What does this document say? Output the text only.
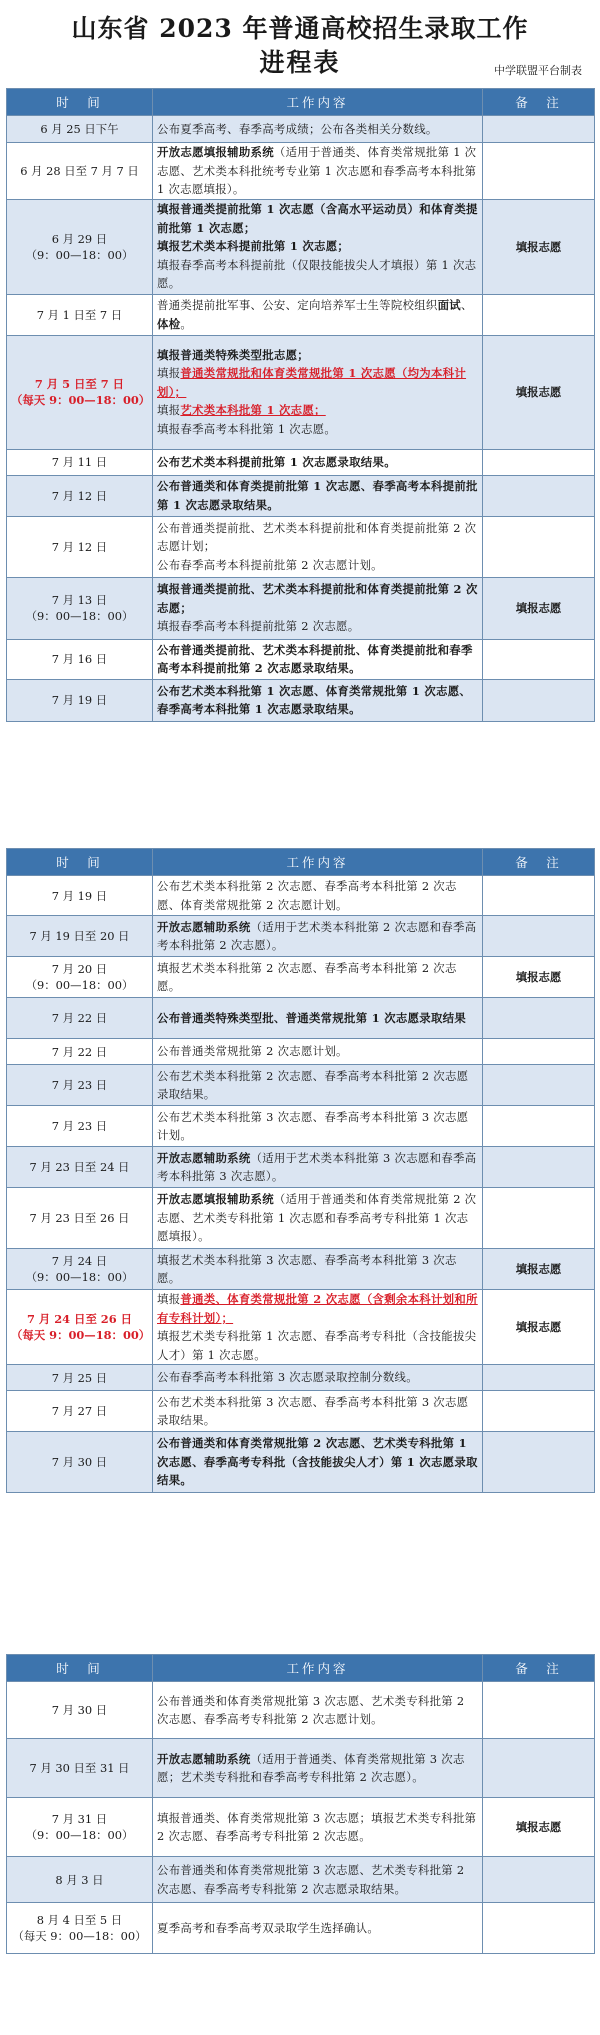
山东省 2023 年普通高校招生录取工作
进程表	中学联盟平台制表
时　间	工作内容	备　注
6 月 25 日下午	公布夏季高考、春季高考成绩；公布各类相关分数线。	
6 月 28 日至 7 月 7 日	开放志愿填报辅助系统（适用于普通类、体育类常规批第 1 次志愿、艺术类本科批统考专业第 1 次志愿和春季高考本科批第 1 次志愿填报）。	
6 月 29 日
（9：00—18：00）	填报普通类提前批第 1 次志愿（含高水平运动员）和体育类提前批第 1 次志愿；
填报艺术类本科提前批第 1 次志愿；
填报春季高考本科提前批（仅限技能拔尖人才填报）第 1 次志愿。	填报志愿
7 月 1 日至 7 日	普通类提前批军事、公安、定向培养军士生等院校组织面试、体检。	
7 月 5 日至 7 日
（每天 9：00—18：00）	填报普通类特殊类型批志愿；
填报普通类常规批和体育类常规批第 1 次志愿（均为本科计划）；
填报艺术类本科批第 1 次志愿；
填报春季高考本科批第 1 次志愿。	填报志愿
7 月 11 日	公布艺术类本科提前批第 1 次志愿录取结果。	
7 月 12 日	公布普通类和体育类提前批第 1 次志愿、春季高考本科提前批第 1 次志愿录取结果。	
7 月 12 日	公布普通类提前批、艺术类本科提前批和体育类提前批第 2 次志愿计划；
公布春季高考本科提前批第 2 次志愿计划。	
7 月 13 日
（9：00—18：00）	填报普通类提前批、艺术类本科提前批和体育类提前批第 2 次志愿；
填报春季高考本科提前批第 2 次志愿。	填报志愿
7 月 16 日	公布普通类提前批、艺术类本科提前批、体育类提前批和春季高考本科提前批第 2 次志愿录取结果。	
7 月 19 日	公布艺术类本科批第 1 次志愿、体育类常规批第 1 次志愿、春季高考本科批第 1 次志愿录取结果。	
时　间	工作内容	备　注
7 月 19 日	公布艺术类本科批第 2 次志愿、春季高考本科批第 2 次志愿、体育类常规批第 2 次志愿计划。	
7 月 19 日至 20 日	开放志愿辅助系统（适用于艺术类本科批第 2 次志愿和春季高考本科批第 2 次志愿）。	
7 月 20 日
（9：00—18：00）	填报艺术类本科批第 2 次志愿、春季高考本科批第 2 次志愿。	填报志愿
7 月 22 日	公布普通类特殊类型批、普通类常规批第 1 次志愿录取结果	
7 月 22 日	公布普通类常规批第 2 次志愿计划。	
7 月 23 日	公布艺术类本科批第 2 次志愿、春季高考本科批第 2 次志愿录取结果。	
7 月 23 日	公布艺术类本科批第 3 次志愿、春季高考本科批第 3 次志愿计划。	
7 月 23 日至 24 日	开放志愿辅助系统（适用于艺术类本科批第 3 次志愿和春季高考本科批第 3 次志愿）。	
7 月 23 日至 26 日	开放志愿填报辅助系统（适用于普通类和体育类常规批第 2 次志愿、艺术类专科批第 1 次志愿和春季高考专科批第 1 次志愿填报）。	
7 月 24 日
（9：00—18：00）	填报艺术类本科批第 3 次志愿、春季高考本科批第 3 次志愿。	填报志愿
7 月 24 日至 26 日
（每天 9：00—18：00）	填报普通类、体育类常规批第 2 次志愿（含剩余本科计划和所有专科计划）；
填报艺术类专科批第 1 次志愿、春季高考专科批（含技能拔尖人才）第 1 次志愿。	填报志愿
7 月 25 日	公布春季高考本科批第 3 次志愿录取控制分数线。	
7 月 27 日	公布艺术类本科批第 3 次志愿、春季高考本科批第 3 次志愿录取结果。	
7 月 30 日	公布普通类和体育类常规批第 2 次志愿、艺术类专科批第 1 次志愿、春季高考专科批（含技能拔尖人才）第 1 次志愿录取结果。	
时　间	工作内容	备　注
7 月 30 日	公布普通类和体育类常规批第 3 次志愿、艺术类专科批第 2 次志愿、春季高考专科批第 2 次志愿计划。	
7 月 30 日至 31 日	开放志愿辅助系统（适用于普通类、体育类常规批第 3 次志愿；艺术类专科批和春季高考专科批第 2 次志愿）。	
7 月 31 日
（9：00—18：00）	填报普通类、体育类常规批第 3 次志愿；填报艺术类专科批第 2 次志愿、春季高考专科批第 2 次志愿。	填报志愿
8 月 3 日	公布普通类和体育类常规批第 3 次志愿、艺术类专科批第 2 次志愿、春季高考专科批第 2 次志愿录取结果。	
8 月 4 日至 5 日
（每天 9：00—18：00）	夏季高考和春季高考双录取学生选择确认。	
